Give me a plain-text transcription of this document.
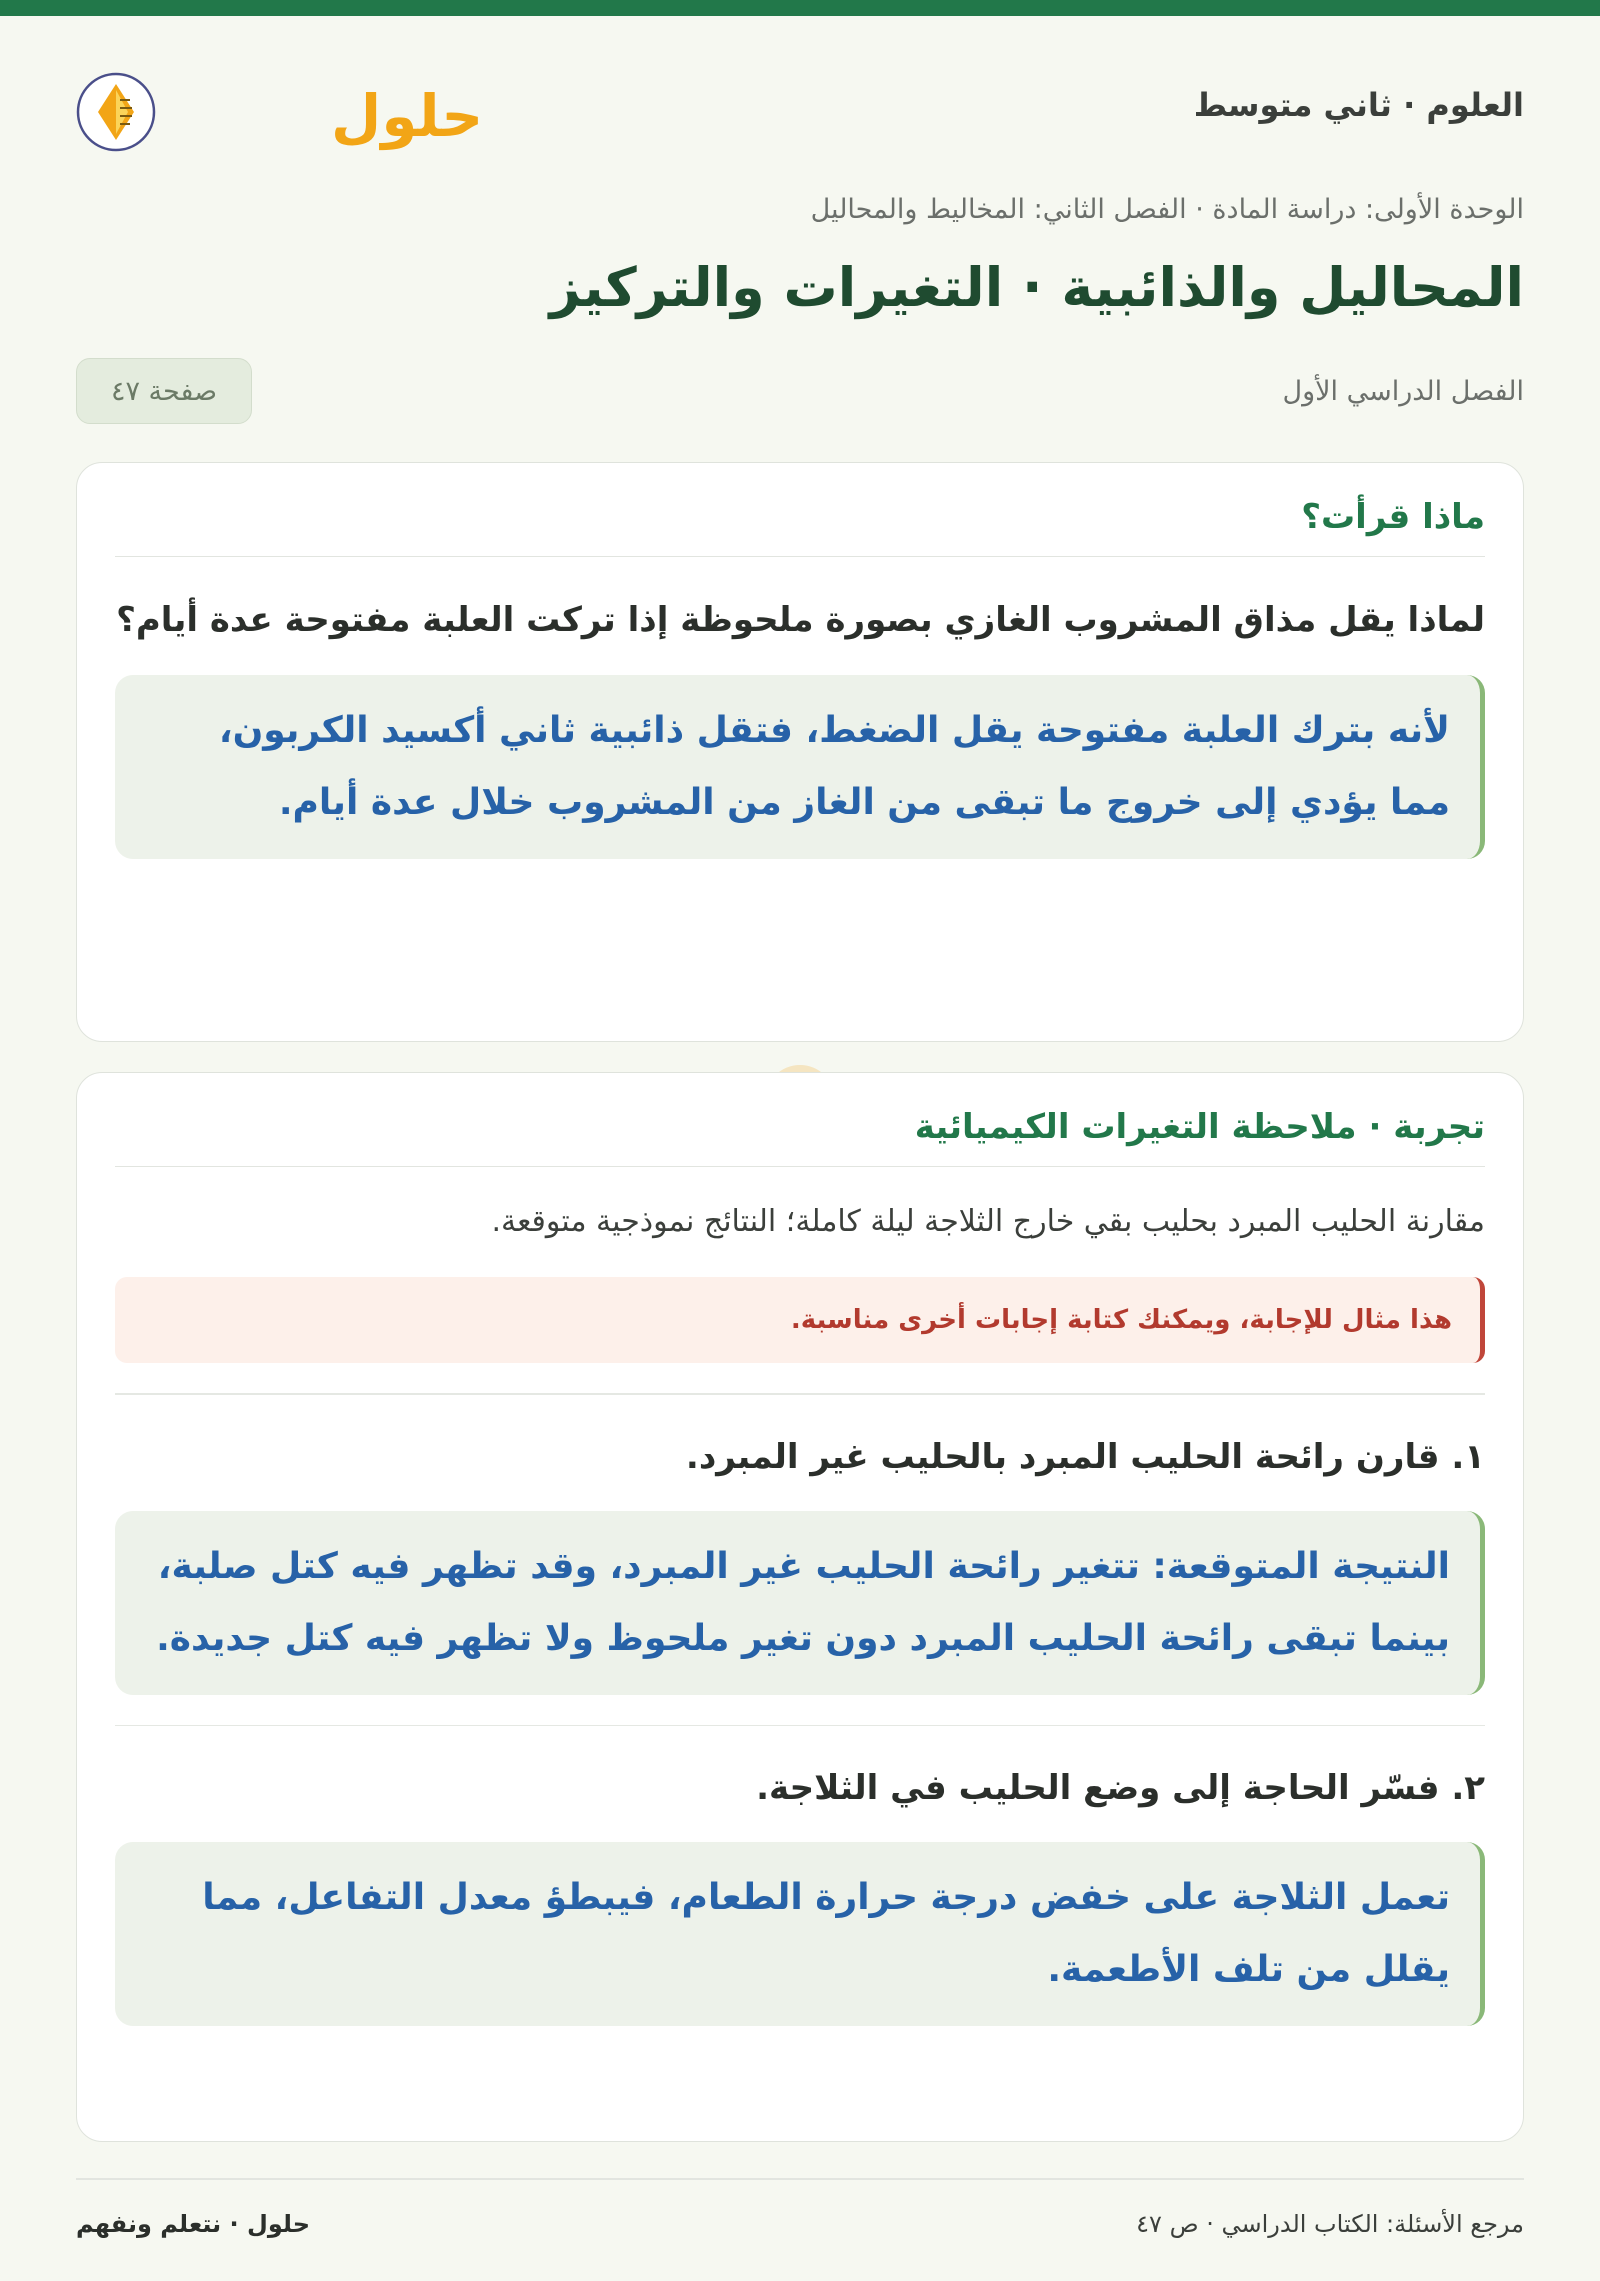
العلوم · ثاني متوسط
حلول
الوحدة الأولى: دراسة المادة · الفصل الثاني: المخاليط والمحاليل
المحاليل والذائبية · التغيرات والتركيز
الفصل الدراسي الأول
صفحة ٤٧
ماذا قرأت؟
لماذا يقل مذاق المشروب الغازي بصورة ملحوظة إذا تركت العلبة مفتوحة عدة أيام؟
لأنه بترك العلبة مفتوحة يقل الضغط، فتقل ذائبية ثاني أكسيد الكربون، مما يؤدي إلى خروج ما تبقى من الغاز من المشروب خلال عدة أيام.
تجربة · ملاحظة التغيرات الكيميائية
مقارنة الحليب المبرد بحليب بقي خارج الثلاجة ليلة كاملة؛ النتائج نموذجية متوقعة.
هذا مثال للإجابة، ويمكنك كتابة إجابات أخرى مناسبة.
١. قارن رائحة الحليب المبرد بالحليب غير المبرد.
النتيجة المتوقعة: تتغير رائحة الحليب غير المبرد، وقد تظهر فيه كتل صلبة، بينما تبقى رائحة الحليب المبرد دون تغير ملحوظ ولا تظهر فيه كتل جديدة.
٢. فسّر الحاجة إلى وضع الحليب في الثلاجة.
تعمل الثلاجة على خفض درجة حرارة الطعام، فيبطؤ معدل التفاعل، مما يقلل من تلف الأطعمة.
مرجع الأسئلة: الكتاب الدراسي · ص ٤٧
حلول · نتعلم ونفهم
